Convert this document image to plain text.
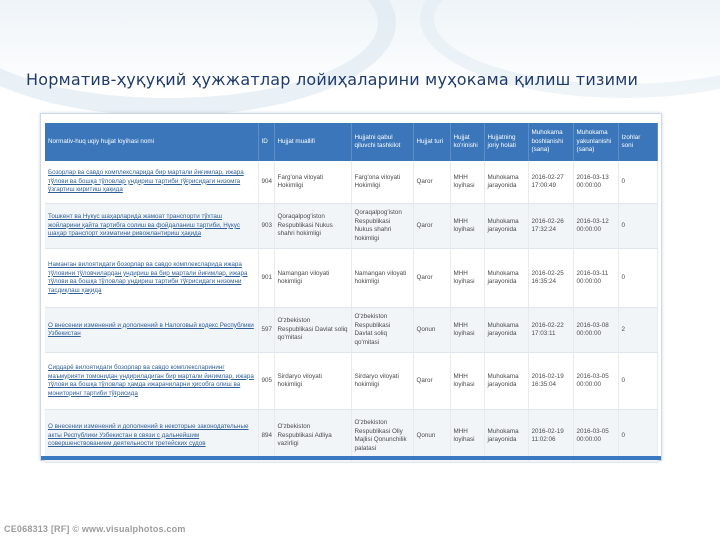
Норматив-ҳуқуқий ҳужжатлар лойиҳаларини муҳокама қилиш тизими
Normativ-huq uqiy hujjat loyihasi nomi	ID	Hujjat muallifi	Hujjatni qabul qiluvchi tashkilot	Hujjat turi	Hujjat ko'rinishi	Hujjatning joriy holati	Muhokama boshlanishi (sana)	Muhokama yakunlanishi (sana)	Izohlar soni
Бозорлар ва савдо комплексларида бир мартали йиғимлар, ижара тўлови ва бошқа тўловлар ундириш тартиби тўғрисидаги низомга ўзгартиш киритиш ҳақида	904	Farg'ona viloyati Hokimligi	Farg'ona viloyati Hokimligi	Qaror	MHH loyihasi	Muhokama jarayonida	2016-02-27 17:00:49	2016-03-13 00:00:00	0
Тошкент ва Нукус шаҳарларида жамоат транспорти тўхташ жойларини қайта тартибга солиш ва фойдаланиш тартиби, Нукус шаҳар транспорт хизматини ривожлантириш ҳақида	903	Qoraqalpog'iston Respublikasi Nukus shahri hokimligi	Qoraqalpog'iston Respublikasi Nukus shahri hokimligi	Qaror	MHH loyihasi	Muhokama jarayonida	2016-02-26 17:32:24	2016-03-12 00:00:00	0
Наманган вилоятидаги бозорлар ва савдо комплексларида ижара тўловини тўловчилардан ундириш ва бир мартали йиғимлар, ижара тўлови ва бошқа тўловлар ундириш тартиби тўғрисидаги низомни тасдиқлаш ҳақида	901	Namangan viloyati hokimligi	Namangan viloyati hokimligi	Qaror	MHH loyihasi	Muhokama jarayonida	2016-02-25 16:35:24	2016-03-11 00:00:00	0
О внесении изменений и дополнений в Налоговый кодекс Республики Узбекистан	597	O'zbekiston Respublikasi Davlat soliq qo'mitasi	O'zbekiston Respublikasi Davlat soliq qo'mitasi	Qonun	MHH loyihasi	Muhokama jarayonida	2016-02-22 17:03:11	2016-03-08 00:00:00	2
Сирдарё вилоятидаги бозорлар ва савдо комплексларининг маъмурияти томонидан ундириладиган бир мартали йиғимлар, ижара тўлови ва бошқа тўловлар ҳамда ижарачиларни ҳисобга олиш ва мониторинг тартиби тўғрисида	905	Sirdaryo viloyati hokimligi	Sirdaryo viloyati hokimligi	Qaror	MHH loyihasi	Muhokama jarayonida	2016-02-19 16:35:04	2016-03-05 00:00:00	0
О внесении изменений и дополнений в некоторые законодательные акты Республики Узбекистан в связи с дальнейшим совершенствованием деятельности третейских судов	894	O'zbekiston Respublikasi Adliya vazirligi	O'zbekiston Respublikasi Oliy Majlisi Qonunchilik palatasi	Qonun	MHH loyihasi	Muhokama jarayonida	2016-02-19 11:02:06	2016-03-05 00:00:00	0
CE068313 [RF] © www.visualphotos.com
